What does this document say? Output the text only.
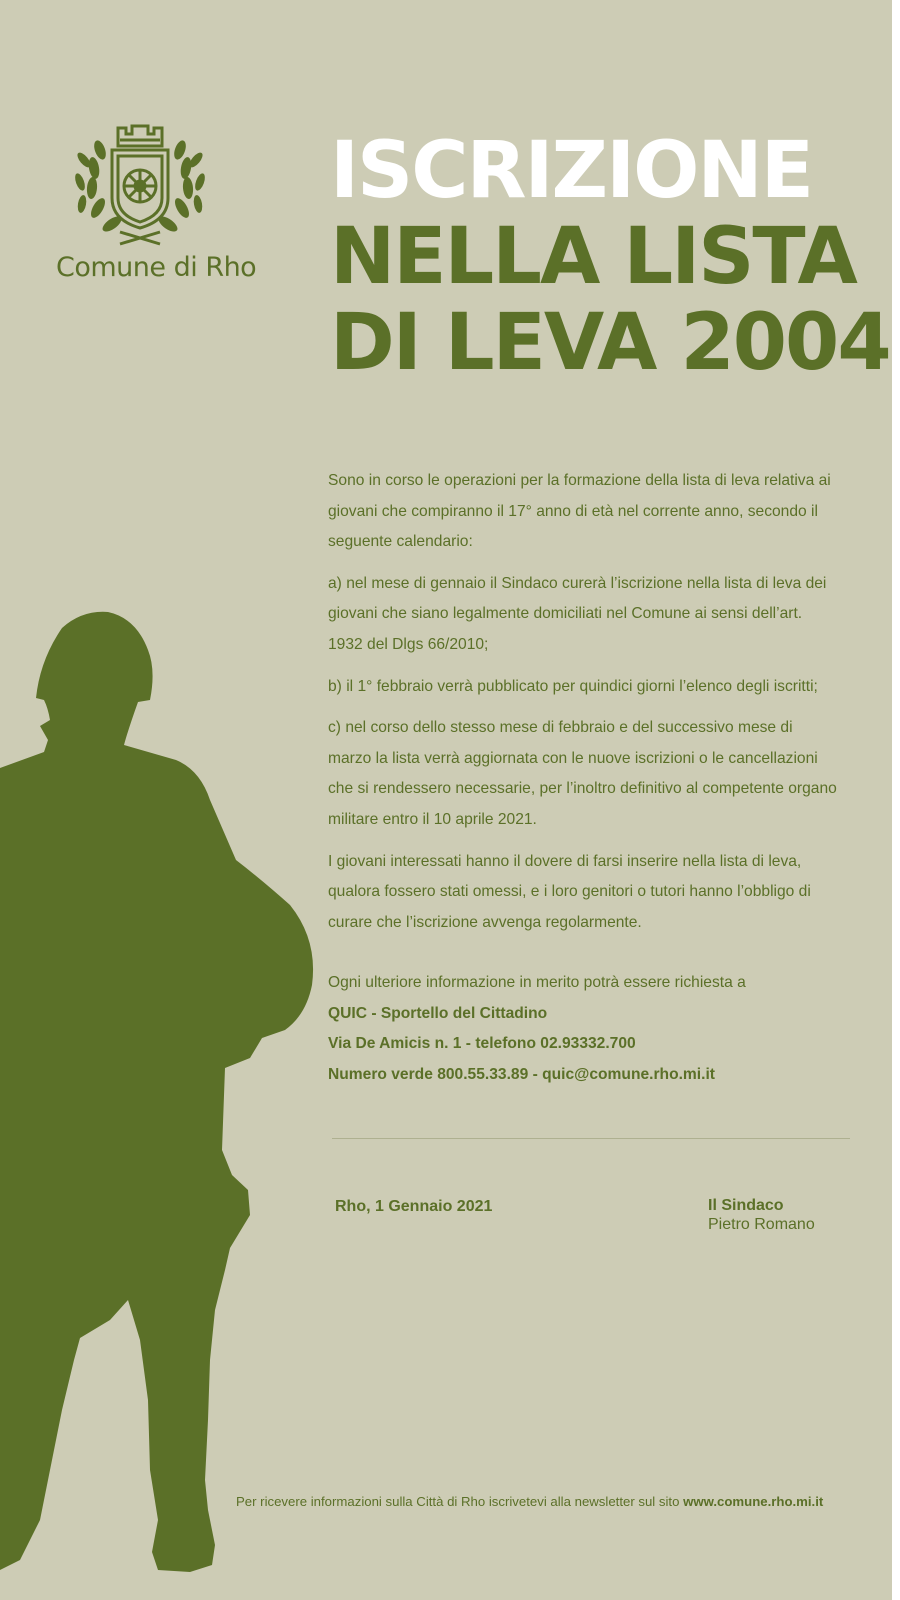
Comune di Rho
ISCRIZIONE
NELLA LISTA
DI LEVA 2004

Sono in corso le operazioni per la formazione della lista di leva relativa ai giovani che compiranno il 17° anno di età nel corrente anno, secondo il seguente calendario:

a) nel mese di gennaio il Sindaco curerà l’iscrizione nella lista di leva dei giovani che siano legalmente domiciliati nel Comune ai sensi dell’art. 1932 del Dlgs 66/2010;

b) il 1° febbraio verrà pubblicato per quindici giorni l’elenco degli iscritti;

c) nel corso dello stesso mese di febbraio e del successivo mese di marzo la lista verrà aggiornata con le nuove iscrizioni o le cancellazioni che si rendessero necessarie, per l’inoltro definitivo al competente organo militare entro il 10 aprile 2021.

I giovani interessati hanno il dovere di farsi inserire nella lista di leva, qualora fossero stati omessi, e i loro genitori o tutori hanno l’obbligo di curare che l’iscrizione avvenga regolarmente.

Ogni ulteriore informazione in merito potrà essere richiesta a
QUIC - Sportello del Cittadino
Via De Amicis n. 1 - telefono 02.93332.700
Numero verde 800.55.33.89 - quic@comune.rho.mi.it
Rho, 1 Gennaio 2021	Il Sindaco
Pietro Romano
Per ricevere informazioni sulla Città di Rho iscrivetevi alla newsletter sul sito www.comune.rho.mi.it
